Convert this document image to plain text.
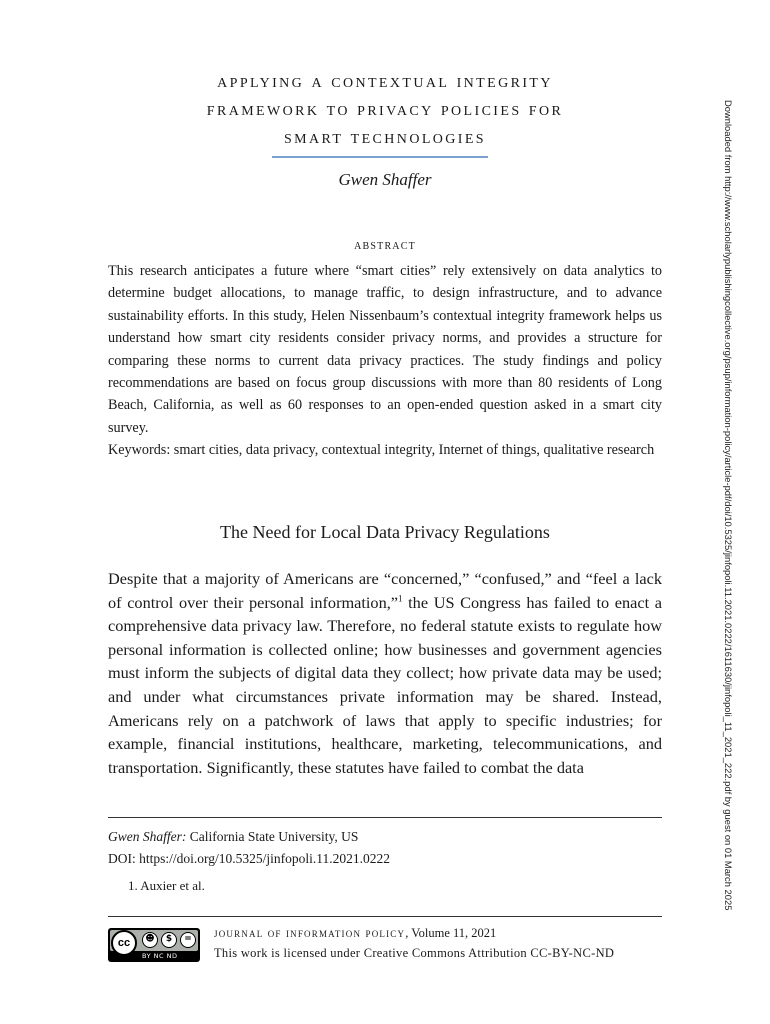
applying a contextual integrity
framework to privacy policies for
smart technologies
Gwen Shaffer
abstract

This research anticipates a future where “smart cities” rely extensively on data analytics to determine budget allocations, to manage traffic, to design infrastructure, and to advance sustainability efforts. In this study, Helen Nissenbaum’s contextual integrity framework helps us understand how smart city residents consider privacy norms, and provides a structure for comparing these norms to current data privacy practices. The study findings and policy recommendations are based on focus group discussions with more than 80 residents of Long Beach, California, as well as 60 responses to an open-ended question asked in a smart city survey.

Keywords: smart cities, data privacy, contextual integrity, Internet of things, qualitative research

The Need for Local Data Privacy Regulations

Despite that a majority of Americans are “concerned,” “confused,” and “feel a lack of control over their personal information,”$^1$ the US Congress has failed to enact a comprehensive data privacy law. Therefore, no federal statute exists to regulate how personal information is collected online; how businesses and government agencies must inform the subjects of digital data they collect; how private data may be used; and under what circumstances private information may be shared. Instead, Americans rely on a patchwork of laws that apply to specific industries; for example, financial institutions, healthcare, marketing, telecommunications, and transportation. Significantly, these statutes have failed to combat the data

Gwen Shaffer: California State University, US
DOI: https://doi.org/10.5325/jinfopoli.11.2021.0222
1. Auxier et al.
cc	☻	$	=
BY NC ND
journal of information policy, Volume 11, 2021
This work is licensed under Creative Commons Attribution CC-BY-NC-ND
Downloaded from http://www.scholarlypublishingcollective.org/psup/information-policy/article-pdf/doi/10.5325/jinfopoli.11.2021.0222/1611630/jinfopoli_11_2021_222.pdf by guest on 01 March 2025
